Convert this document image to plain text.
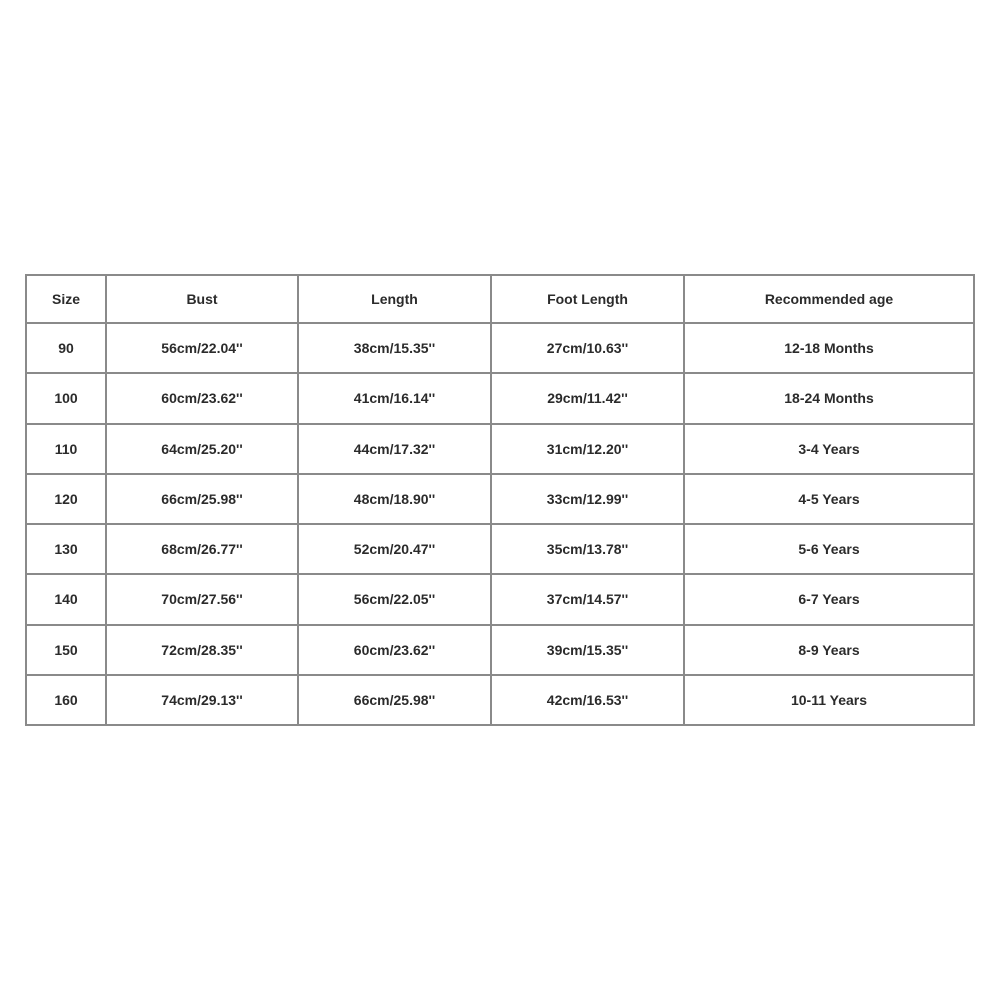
Size	Bust	Length	Foot Length	Recommended age
90	56cm/22.04''	38cm/15.35''	27cm/10.63''	12-18 Months
100	60cm/23.62''	41cm/16.14''	29cm/11.42''	18-24 Months
110	64cm/25.20''	44cm/17.32''	31cm/12.20''	3-4 Years
120	66cm/25.98''	48cm/18.90''	33cm/12.99''	4-5 Years
130	68cm/26.77''	52cm/20.47''	35cm/13.78''	5-6 Years
140	70cm/27.56''	56cm/22.05''	37cm/14.57''	6-7 Years
150	72cm/28.35''	60cm/23.62''	39cm/15.35''	8-9 Years
160	74cm/29.13''	66cm/25.98''	42cm/16.53''	10-11 Years
